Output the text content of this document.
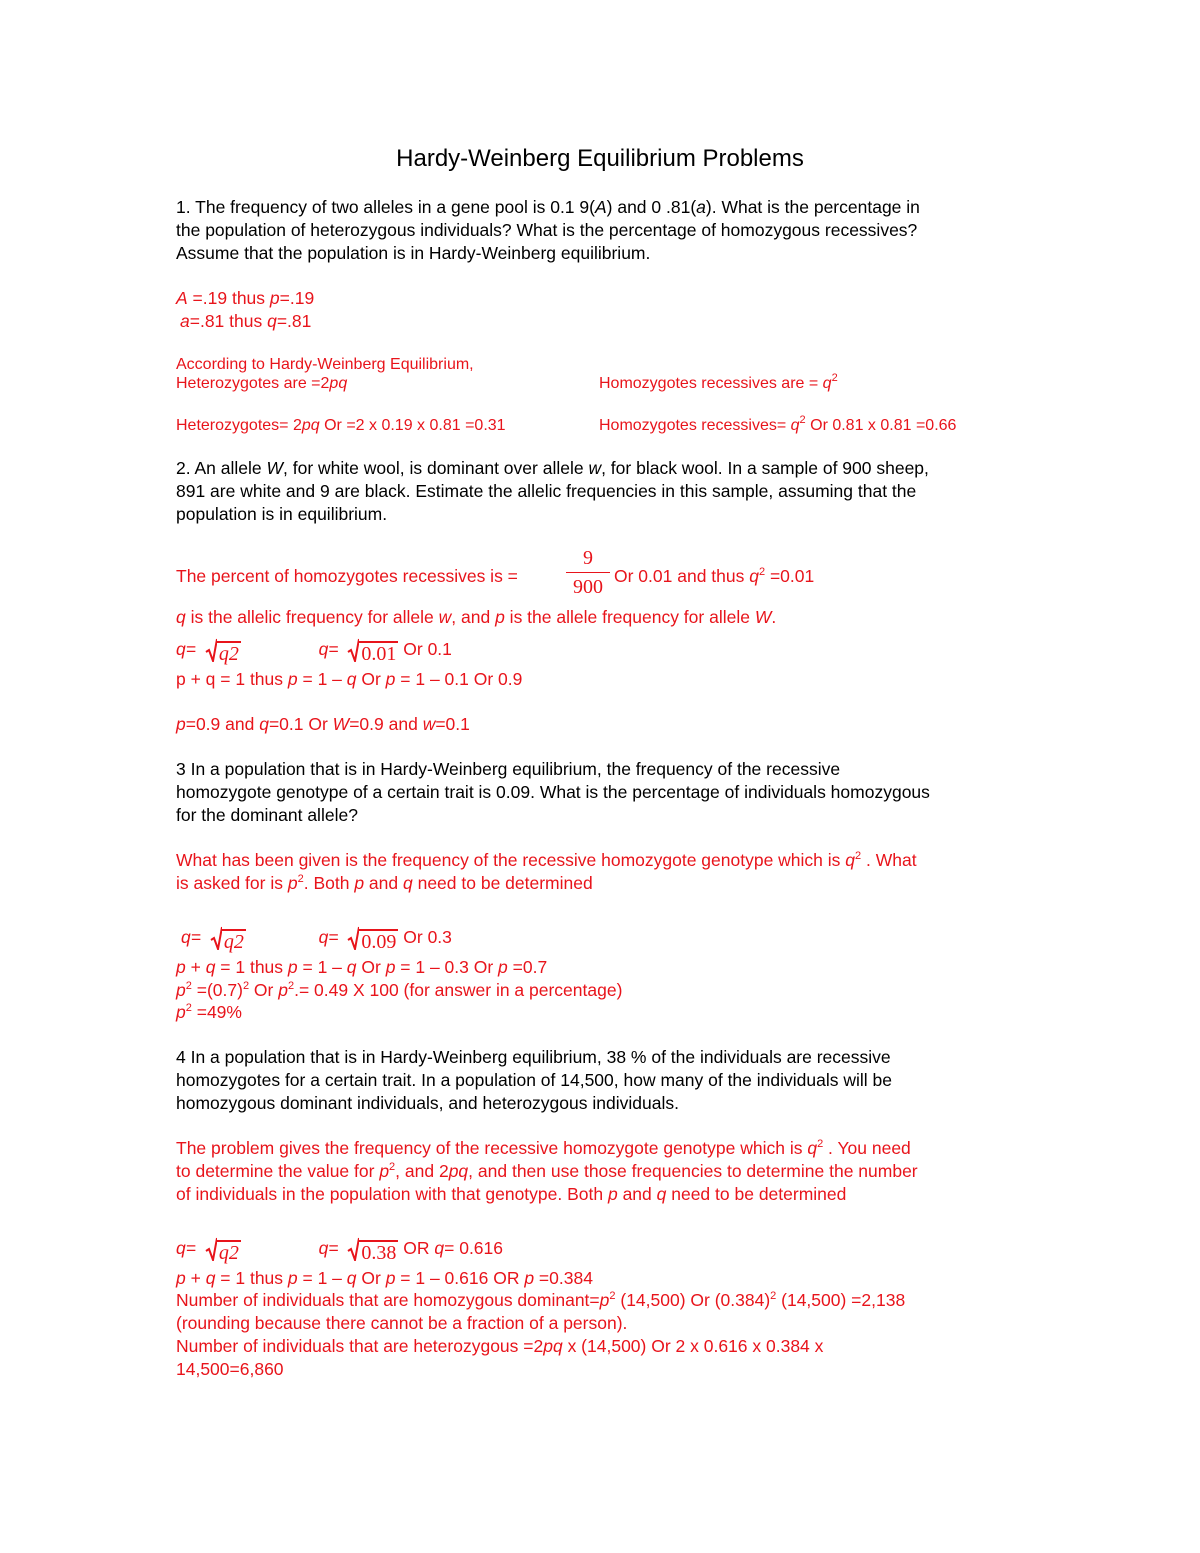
Hardy-Weinberg Equilibrium Problems
1. The frequency of two alleles in a gene pool is 0.1 9(A) and 0 .81(a). What is the percentage in
the population of heterozygous individuals? What is the percentage of homozygous recessives?
Assume that the population is in Hardy-Weinberg equilibrium.
A =.19 thus p=.19
a=.81 thus q=.81
According to Hardy-Weinberg Equilibrium,
Heterozygotes are =2pq	Homozygotes recessives are = $q^2$
Heterozygotes= 2pq Or =2 x 0.19 x 0.81 =0.31	Homozygotes recessives= $q^2$ Or 0.81 x 0.81 =0.66
2. An allele W, for white wool, is dominant over allele w, for black wool. In a sample of 900 sheep,
891 are white and 9 are black. Estimate the allelic frequencies in this sample, assuming that the
population is in equilibrium.
The percent of homozygotes recessives is =
9
900 Or 0.01 and thus $q^2 =0.01$
q is the allelic frequency for allele w, and p is the allele frequency for allele W.
q= q2	q= 0.01 Or 0.1
p + q = 1 thus p = 1 – q Or p = 1 – 0.1 Or 0.9
p=0.9 and q=0.1 Or W=0.9 and w=0.1
3 In a population that is in Hardy-Weinberg equilibrium, the frequency of the recessive
homozygote genotype of a certain trait is 0.09. What is the percentage of individuals homozygous
for the dominant allele?
What has been given is the frequency of the recessive homozygote genotype which is $q^2$ . What
is asked for is $p^2$. Both p and q need to be determined
q= q2	q= 0.09 Or 0.3
p + q = 1 thus p = 1 – q Or p = 1 – 0.3 Or p =0.7
$p^2 =(0.7)^2$ Or $p^2.= 0.49$ X 100 (for answer in a percentage)
$p^2 =49\%$
4 In a population that is in Hardy-Weinberg equilibrium, 38 % of the individuals are recessive
homozygotes for a certain trait. In a population of 14,500, how many of the individuals will be
homozygous dominant individuals, and heterozygous individuals.
The problem gives the frequency of the recessive homozygote genotype which is $q^2$ . You need
to determine the value for $p^2$, and 2pq, and then use those frequencies to determine the number
of individuals in the population with that genotype. Both p and q need to be determined
q= q2	q= 0.38 OR q= 0.616
p + q = 1 thus p = 1 – q Or p = 1 – 0.616 OR p =0.384
Number of individuals that are homozygous $dominant=p^2$ (14,500) Or $(0.384)^2$ (14,500) =2,138
(rounding because there cannot be a fraction of a person).
Number of individuals that are heterozygous =2pq x (14,500) Or 2 x 0.616 x 0.384 x
14,500=6,860
